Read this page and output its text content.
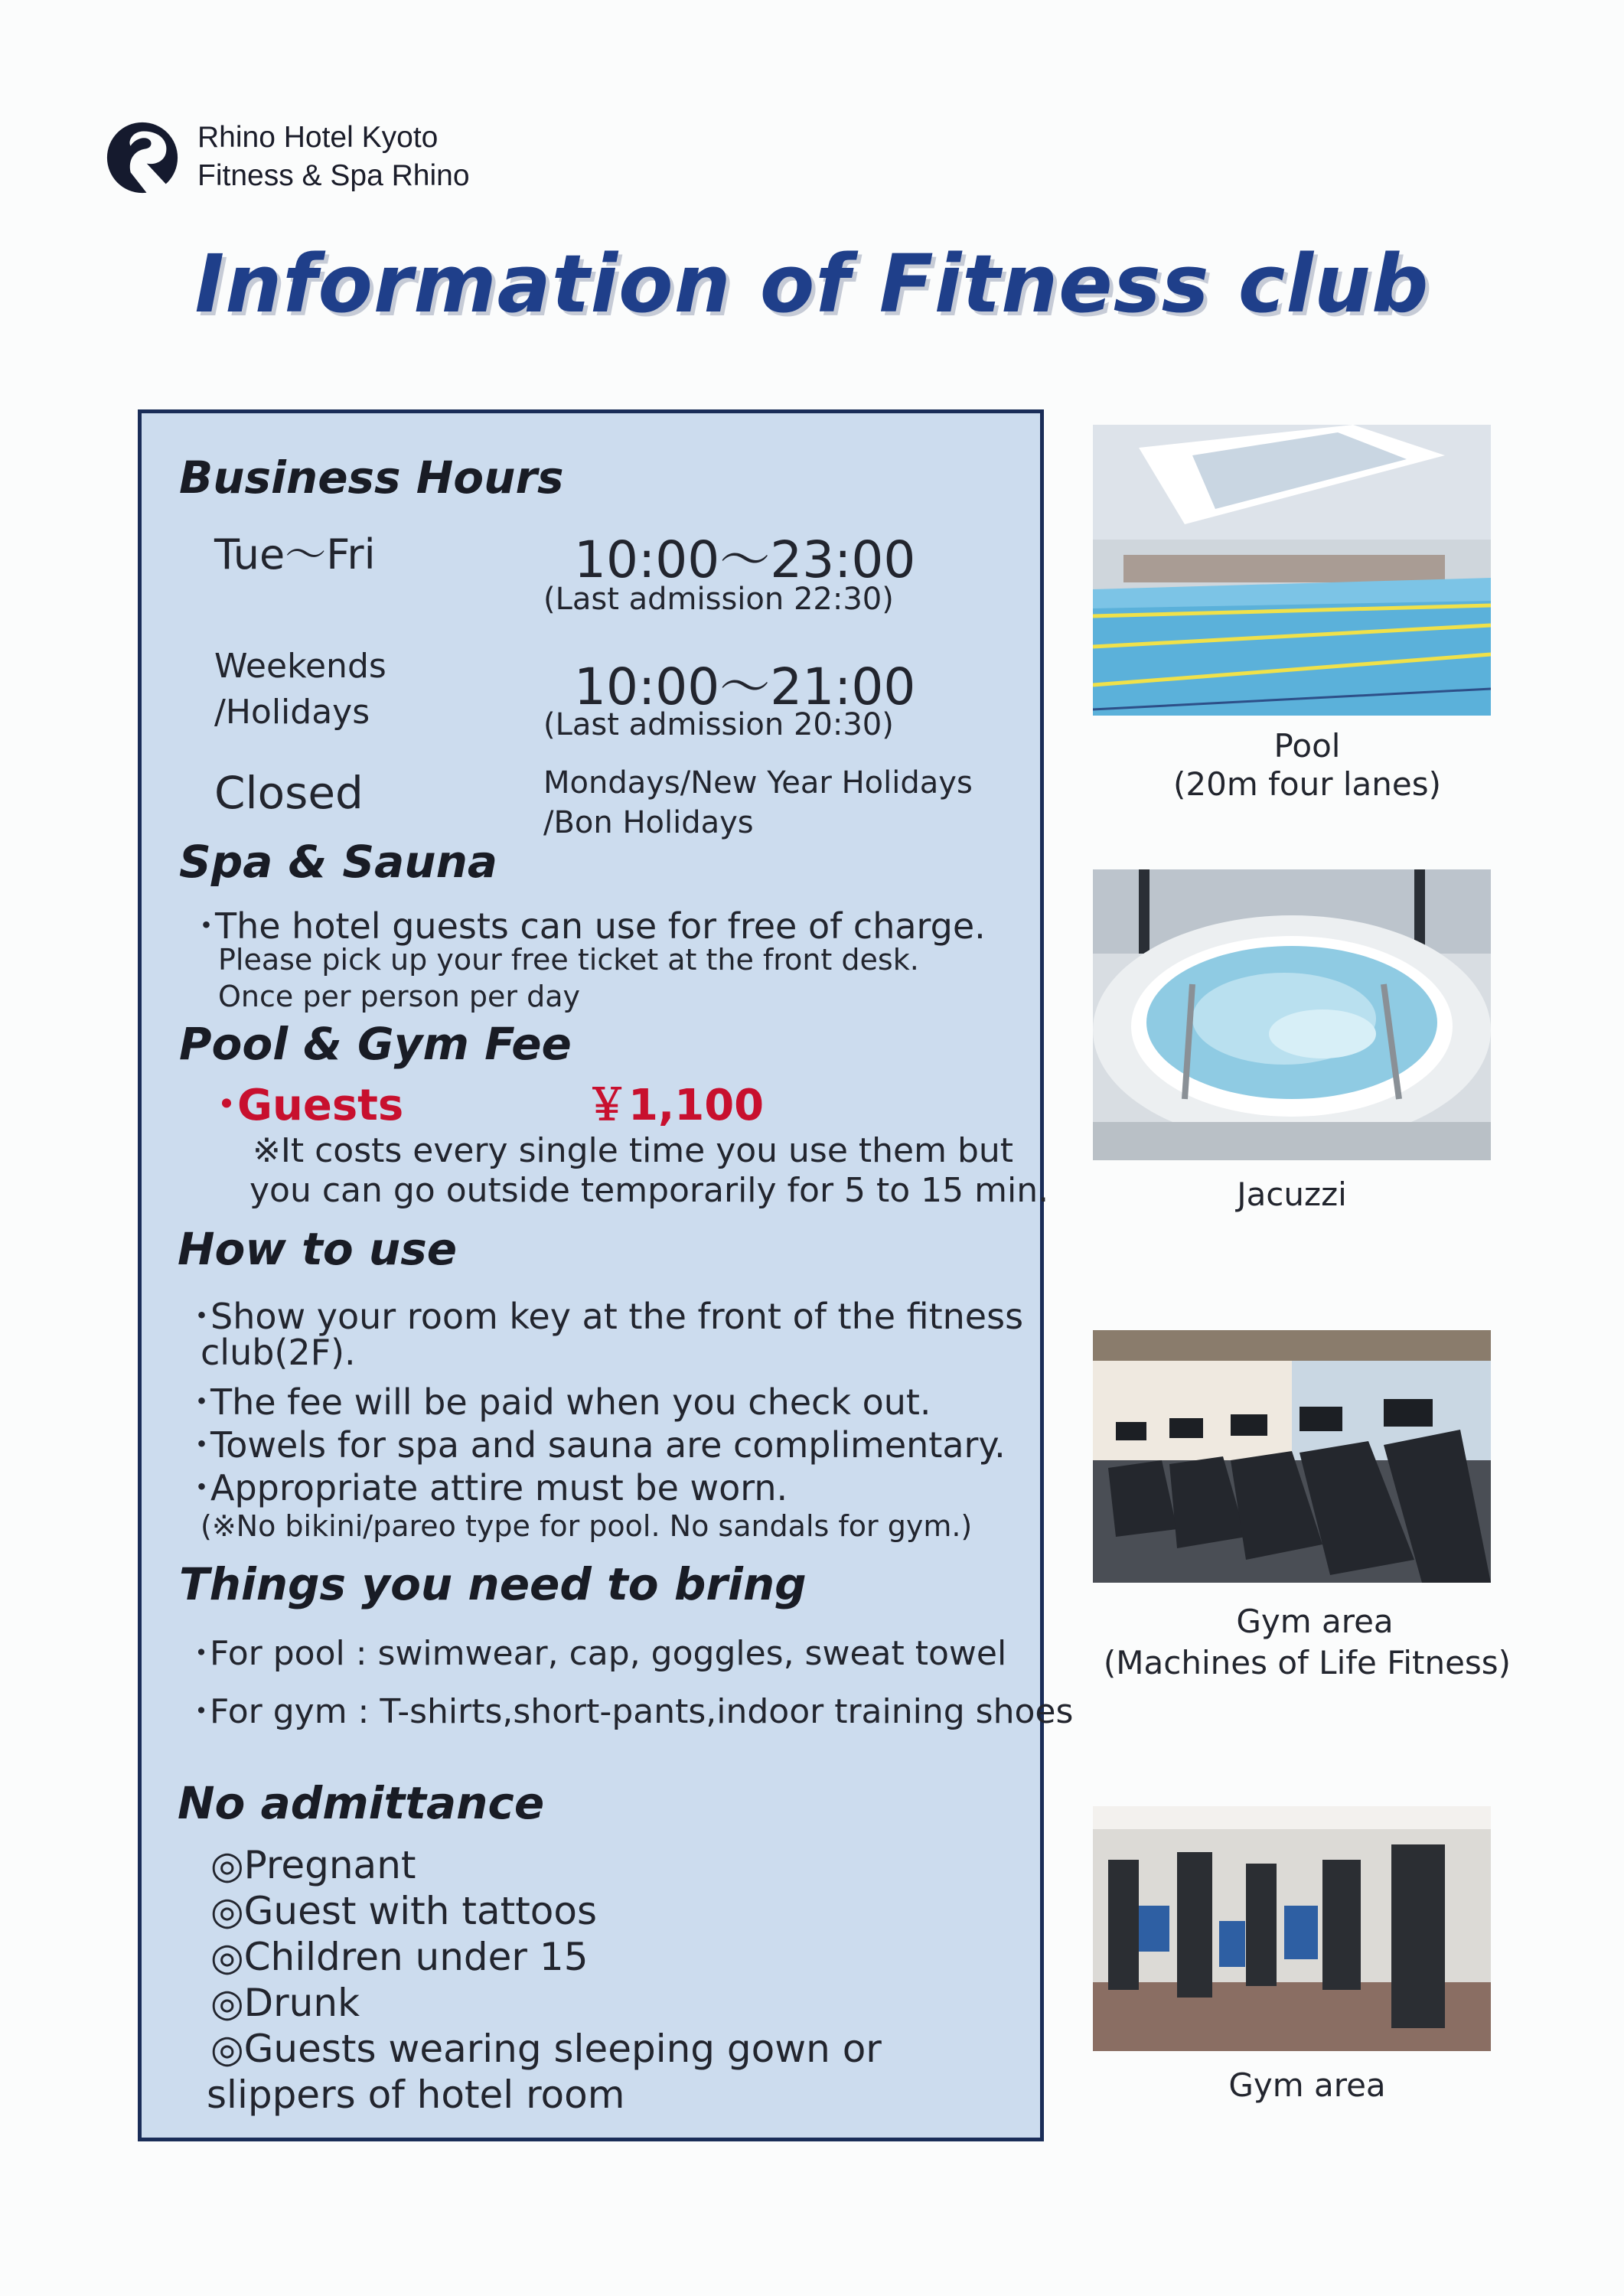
Rhino Hotel Kyoto
Fitness & Spa Rhino
Information of Fitness club
Business Hours
Tue～Fri	10:00～23:00
(Last admission 22:30)
Weekends
/Holidays	10:00～21:00
(Last admission 20:30)
Closed	Mondays/New Year Holidays
/Bon Holidays
Spa & Sauna
･The hotel guests can use for free of charge.
Please pick up your free ticket at the front desk.
Once per person per day
Pool & Gym Fee
･Guests	￥1,100
※It costs every single time you use them but
you can go outside temporarily for 5 to 15 min.
How to use
･Show your room key at the front of the fitness
club(2F).
･The fee will be paid when you check out.
･Towels for spa and sauna are complimentary.
･Appropriate attire must be worn.
(※No bikini/pareo type for pool. No sandals for gym.)
Things you need to bring
･For pool : swimwear, cap, goggles, sweat towel
･For gym : T-shirts,short-pants,indoor training shoes
No admittance
◎Pregnant
◎Guest with tattoos
◎Children under 15
◎Drunk
◎Guests wearing sleeping gown or
slippers of hotel room
Pool
(20m four lanes)
Jacuzzi
Gym area
(Machines of Life Fitness)
Gym area
